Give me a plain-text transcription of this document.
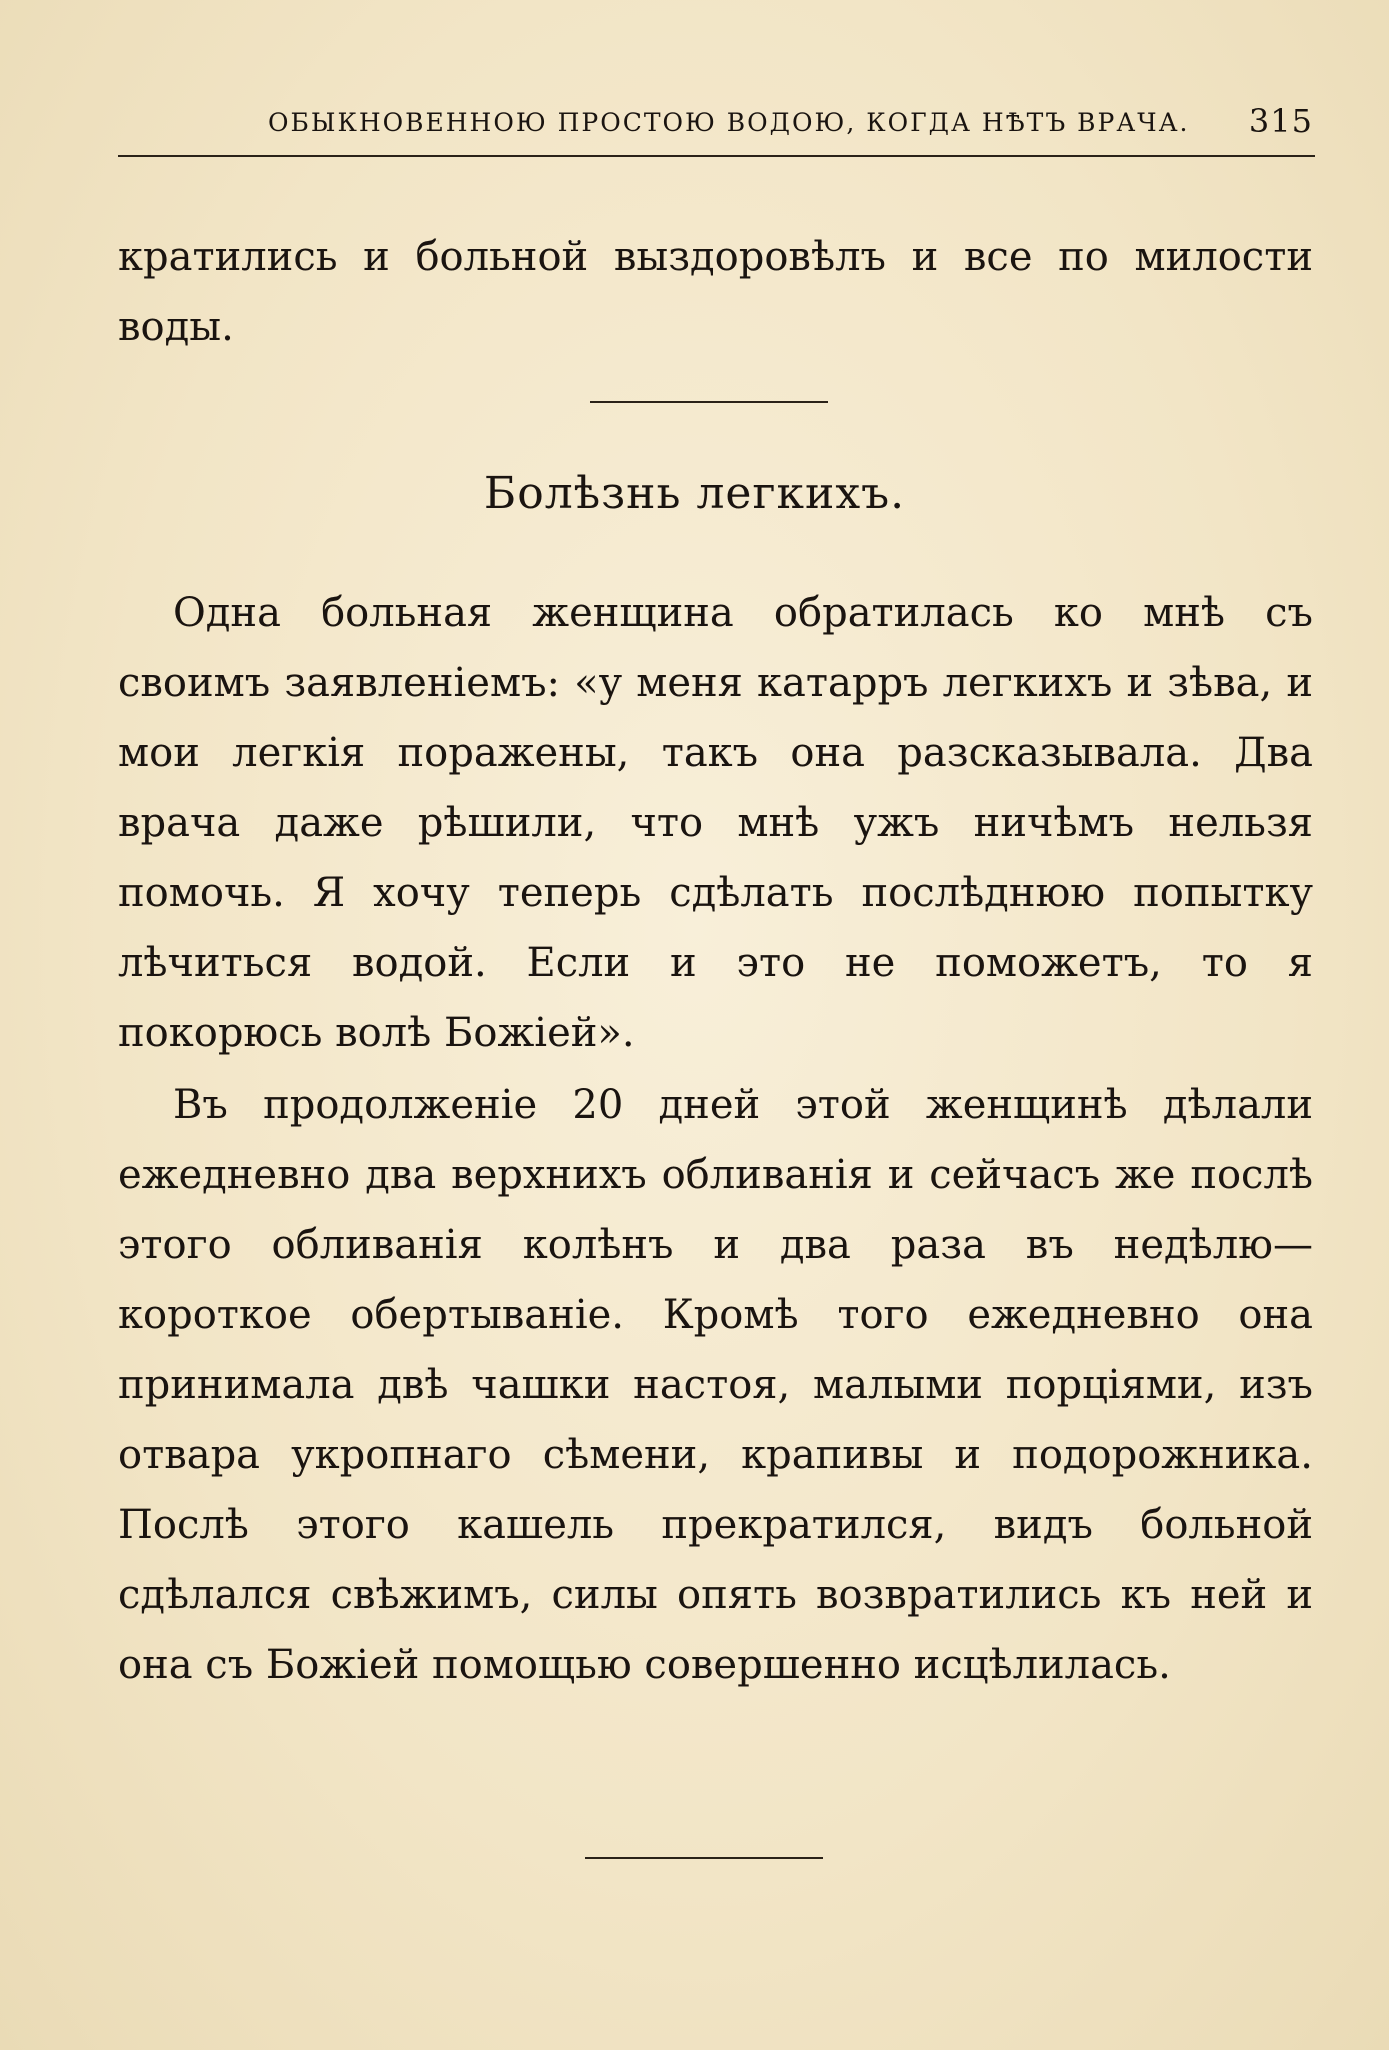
ОБЫКНОВЕННОЮ ПРОСТОЮ ВОДОЮ, КОГДА НѢТЪ ВРАЧА. 315
кратились и больной выздоровѣлъ и все по милости воды.
Болѣзнь легкихъ.
Одна больная женщина обратилась ко мнѣ съ своимъ заявленіемъ: «у меня катарръ легкихъ и зѣва, и мои легкія поражены, такъ она разсказывала. Два врача даже рѣшили, что мнѣ ужъ ничѣмъ нельзя помочь. Я хочу теперь сдѣлать послѣднюю попытку лѣчиться водой. Если и это не поможетъ, то я покорюсь волѣ Божіей».
Въ продолженіе 20 дней этой женщинѣ дѣлали ежедневно два верхнихъ обливанія и сейчасъ же послѣ этого обливанія колѣнъ и два раза въ недѣлю—короткое обертываніе. Кромѣ того ежедневно она принимала двѣ чашки настоя, малыми порціями, изъ отвара укропнаго сѣмени, крапивы и подорожника. Послѣ этого кашель прекратился, видъ больной сдѣлался свѣжимъ, силы опять возвратились къ ней и она съ Божіей помощью совершенно исцѣлилась.
